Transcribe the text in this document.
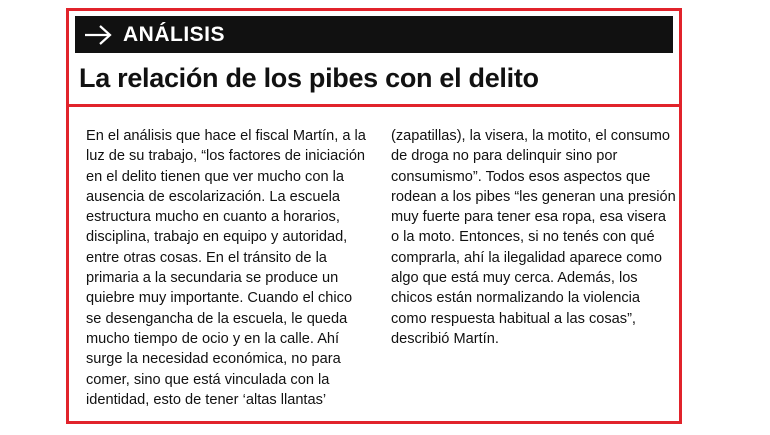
ANÁLISIS
La relación de los pibes con el delito

En el análisis que hace el fiscal Martín, a la luz de su trabajo, “los factores de iniciación en el delito tienen que ver mucho con la ausencia de escolarización. La escuela estructura mucho en cuanto a horarios, disciplina, trabajo en equipo y autoridad, entre otras cosas. En el tránsito de la primaria a la secundaria se produce un quiebre muy importante. Cuando el chico se desengancha de la escuela, le queda mucho tiempo de ocio y en la calle. Ahí surge la necesidad económica, no para comer, sino que está vinculada con la identidad, esto de tener ‘altas llantas’ (zapatillas), la visera, la motito, el consumo de droga no para delinquir sino por consumismo”. Todos esos aspectos que rodean a los pibes “les generan una presión muy fuerte para tener esa ropa, esa visera o la moto. Entonces, si no tenés con qué comprarla, ahí la ilegalidad aparece como algo que está muy cerca. Además, los chicos están normalizando la violencia como respuesta habitual a las cosas”, describió Martín.
